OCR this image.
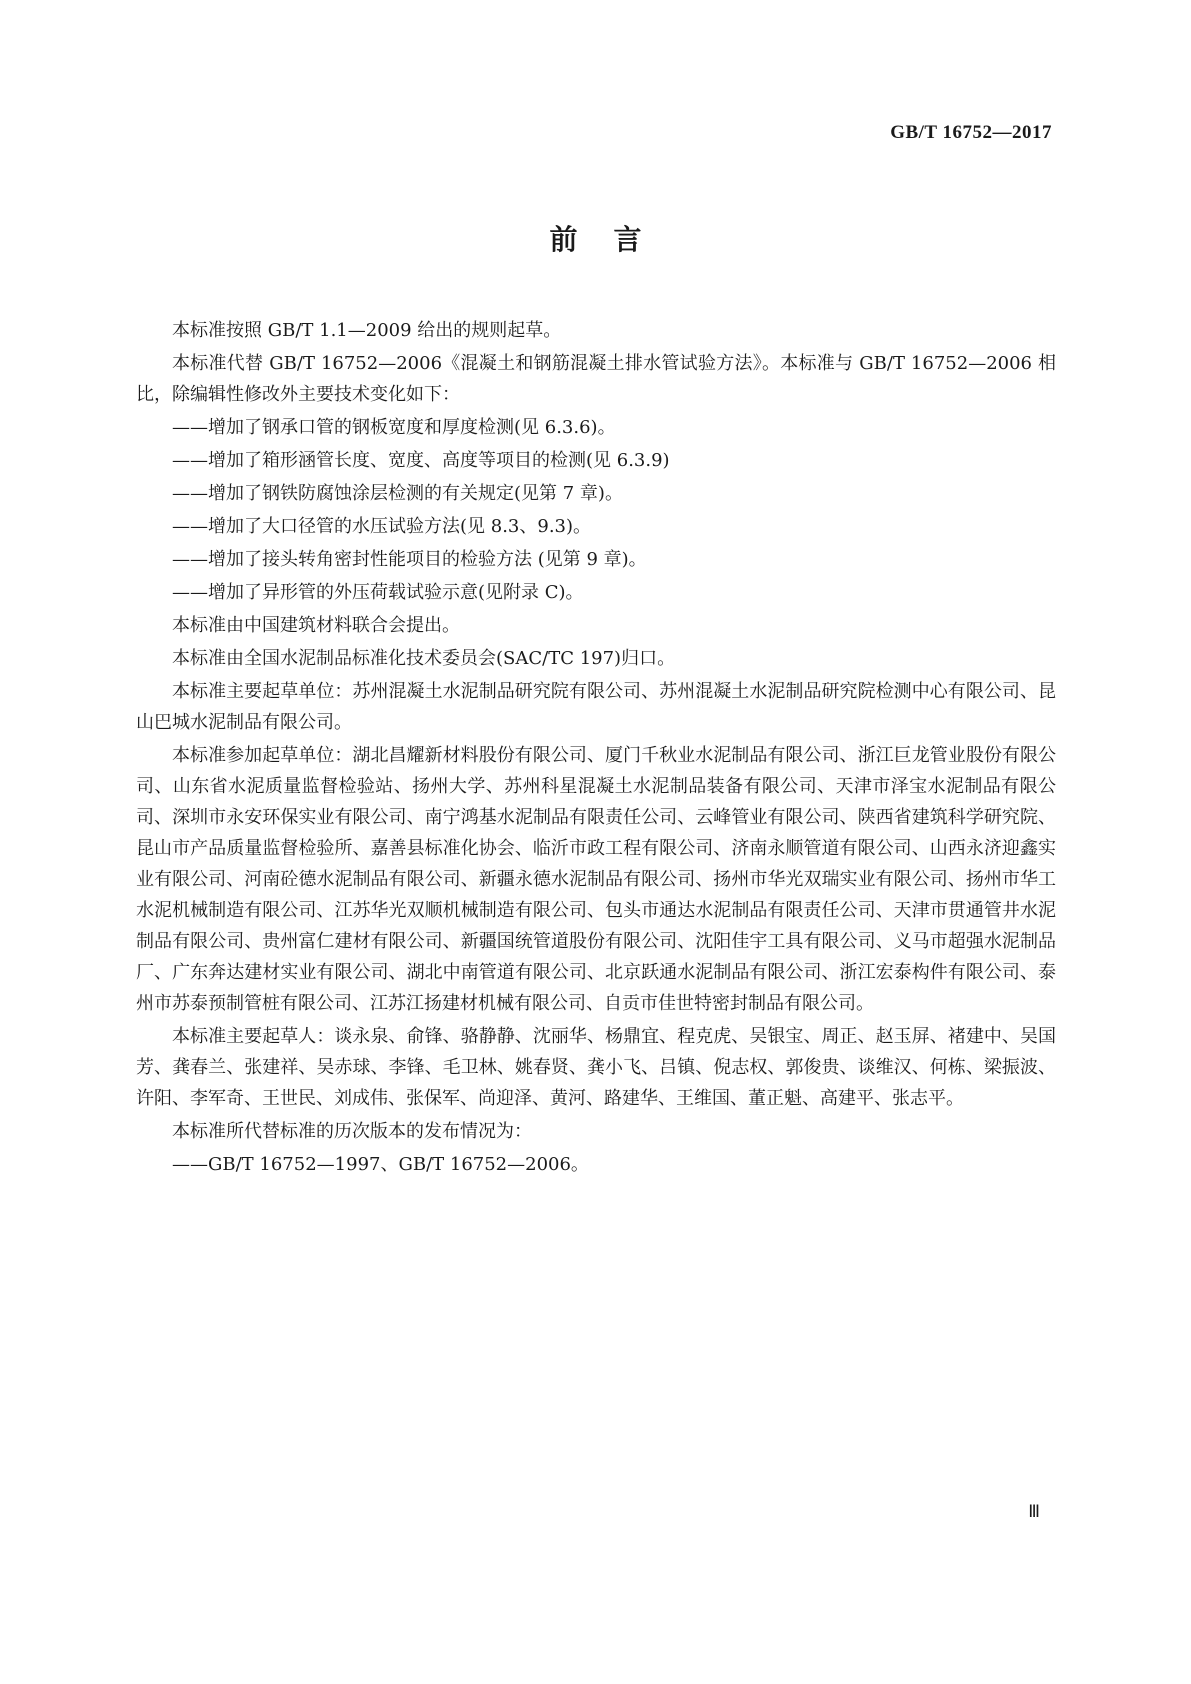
GB/T 16752—2017
前言

本标准按照 GB/T 1.1—2009 给出的规则起草。

本标准代替 GB/T 16752—2006《混凝土和钢筋混凝土排水管试验方法》。本标准与 GB/T 16752—2006 相比，除编辑性修改外主要技术变化如下：

——增加了钢承口管的钢板宽度和厚度检测(见 6.3.6)。

——增加了箱形涵管长度、宽度、高度等项目的检测(见 6.3.9)

——增加了钢铁防腐蚀涂层检测的有关规定(见第 7 章)。

——增加了大口径管的水压试验方法(见 8.3、9.3)。

——增加了接头转角密封性能项目的检验方法 (见第 9 章)。

——增加了异形管的外压荷载试验示意(见附录 C)。

本标准由中国建筑材料联合会提出。

本标准由全国水泥制品标准化技术委员会(SAC/TC 197)归口。

本标准主要起草单位：苏州混凝土水泥制品研究院有限公司、苏州混凝土水泥制品研究院检测中心有限公司、昆山巴城水泥制品有限公司。

本标准参加起草单位：湖北昌耀新材料股份有限公司、厦门千秋业水泥制品有限公司、浙江巨龙管业股份有限公司、山东省水泥质量监督检验站、扬州大学、苏州科星混凝土水泥制品装备有限公司、天津市泽宝水泥制品有限公司、深圳市永安环保实业有限公司、南宁鸿基水泥制品有限责任公司、云峰管业有限公司、陕西省建筑科学研究院、昆山市产品质量监督检验所、嘉善县标准化协会、临沂市政工程有限公司、济南永顺管道有限公司、山西永济迎鑫实业有限公司、河南砼德水泥制品有限公司、新疆永德水泥制品有限公司、扬州市华光双瑞实业有限公司、扬州市华工水泥机械制造有限公司、江苏华光双顺机械制造有限公司、包头市通达水泥制品有限责任公司、天津市贯通管井水泥制品有限公司、贵州富仁建材有限公司、新疆国统管道股份有限公司、沈阳佳宇工具有限公司、义马市超强水泥制品厂、广东奔达建材实业有限公司、湖北中南管道有限公司、北京跃通水泥制品有限公司、浙江宏泰构件有限公司、泰州市苏泰预制管桩有限公司、江苏江扬建材机械有限公司、自贡市佳世特密封制品有限公司。

本标准主要起草人：谈永泉、俞锋、骆静静、沈丽华、杨鼎宜、程克虎、吴银宝、周正、赵玉屏、褚建中、吴国芳、龚春兰、张建祥、吴赤球、李锋、毛卫林、姚春贤、龚小飞、吕镇、倪志权、郭俊贵、谈维汉、何栋、梁振波、许阳、李军奇、王世民、刘成伟、张保军、尚迎泽、黄河、路建华、王维国、董正魁、高建平、张志平。

本标准所代替标准的历次版本的发布情况为：

——GB/T 16752—1997、GB/T 16752—2006。

Ⅲ
